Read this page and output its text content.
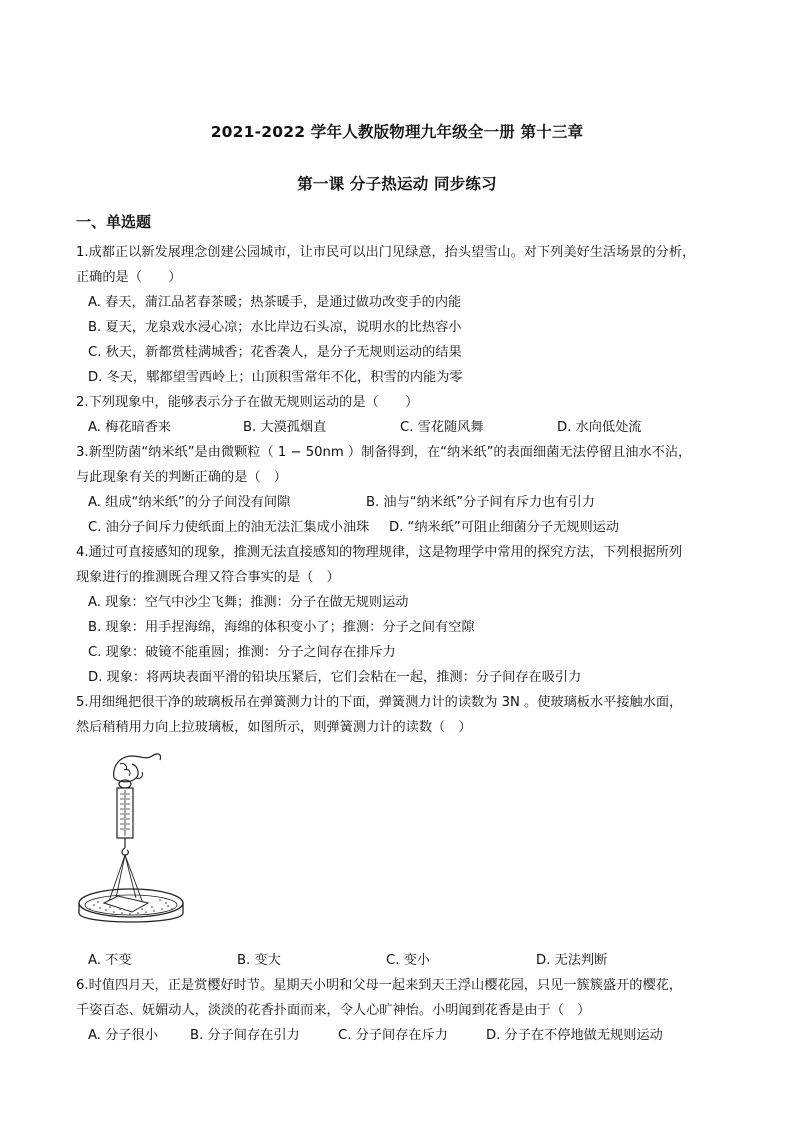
2021-2022 学年人教版物理九年级全一册 第十三章
第一课 分子热运动 同步练习
一、单选题
1.成都正以新发展理念创建公园城市，让市民可以出门见绿意，抬头望雪山。对下列美好生活场景的分析，
正确的是（　　）
A. 春天，蒲江品茗春茶暖；热茶暖手，是通过做功改变手的内能
B. 夏天，龙泉戏水浸心凉；水比岸边石头凉，说明水的比热容小
C. 秋天，新都赏桂满城香；花香袭人，是分子无规则运动的结果
D. 冬天，郫都望雪西岭上；山顶积雪常年不化，积雪的内能为零
2.下列现象中，能够表示分子在做无规则运动的是（　　）
A. 梅花暗香来	B. 大漠孤烟直	C. 雪花随风舞	D. 水向低处流
3.新型防菌“纳米纸”是由微颗粒（ 1 − 50nm ）制备得到，在“纳米纸”的表面细菌无法停留且油水不沾，
与此现象有关的判断正确的是（　）
A. 组成“纳米纸”的分子间没有间隙	B. 油与“纳米纸”分子间有斥力也有引力
C. 油分子间斥力使纸面上的油无法汇集成小油珠 D. “纳米纸”可阻止细菌分子无规则运动
4.通过可直接感知的现象，推测无法直接感知的物理规律，这是物理学中常用的探究方法，下列根据所列
现象进行的推测既合理又符合事实的是（　）
A. 现象：空气中沙尘飞舞；推测：分子在做无规则运动
B. 现象：用手捏海绵，海绵的体积变小了；推测：分子之间有空隙
C. 现象：破镜不能重圆；推测：分子之间存在排斥力
D. 现象：将两块表面平滑的铅块压紧后，它们会粘在一起，推测：分子间存在吸引力
5.用细绳把很干净的玻璃板吊在弹簧测力计的下面，弹簧测力计的读数为 3N 。使玻璃板水平接触水面，
然后稍稍用力向上拉玻璃板，如图所示，则弹簧测力计的读数（　）
A. 不变	B. 变大	C. 变小	D. 无法判断
6.时值四月天，正是赏樱好时节。星期天小明和父母一起来到天王浮山樱花园，只见一簇簇盛开的樱花，
千姿百态、妩媚动人，淡淡的花香扑面而来，令人心旷神怡。小明闻到花香是由于（　）
A. 分子很小 B. 分子间存在引力	C. 分子间存在斥力	D. 分子在不停地做无规则运动
